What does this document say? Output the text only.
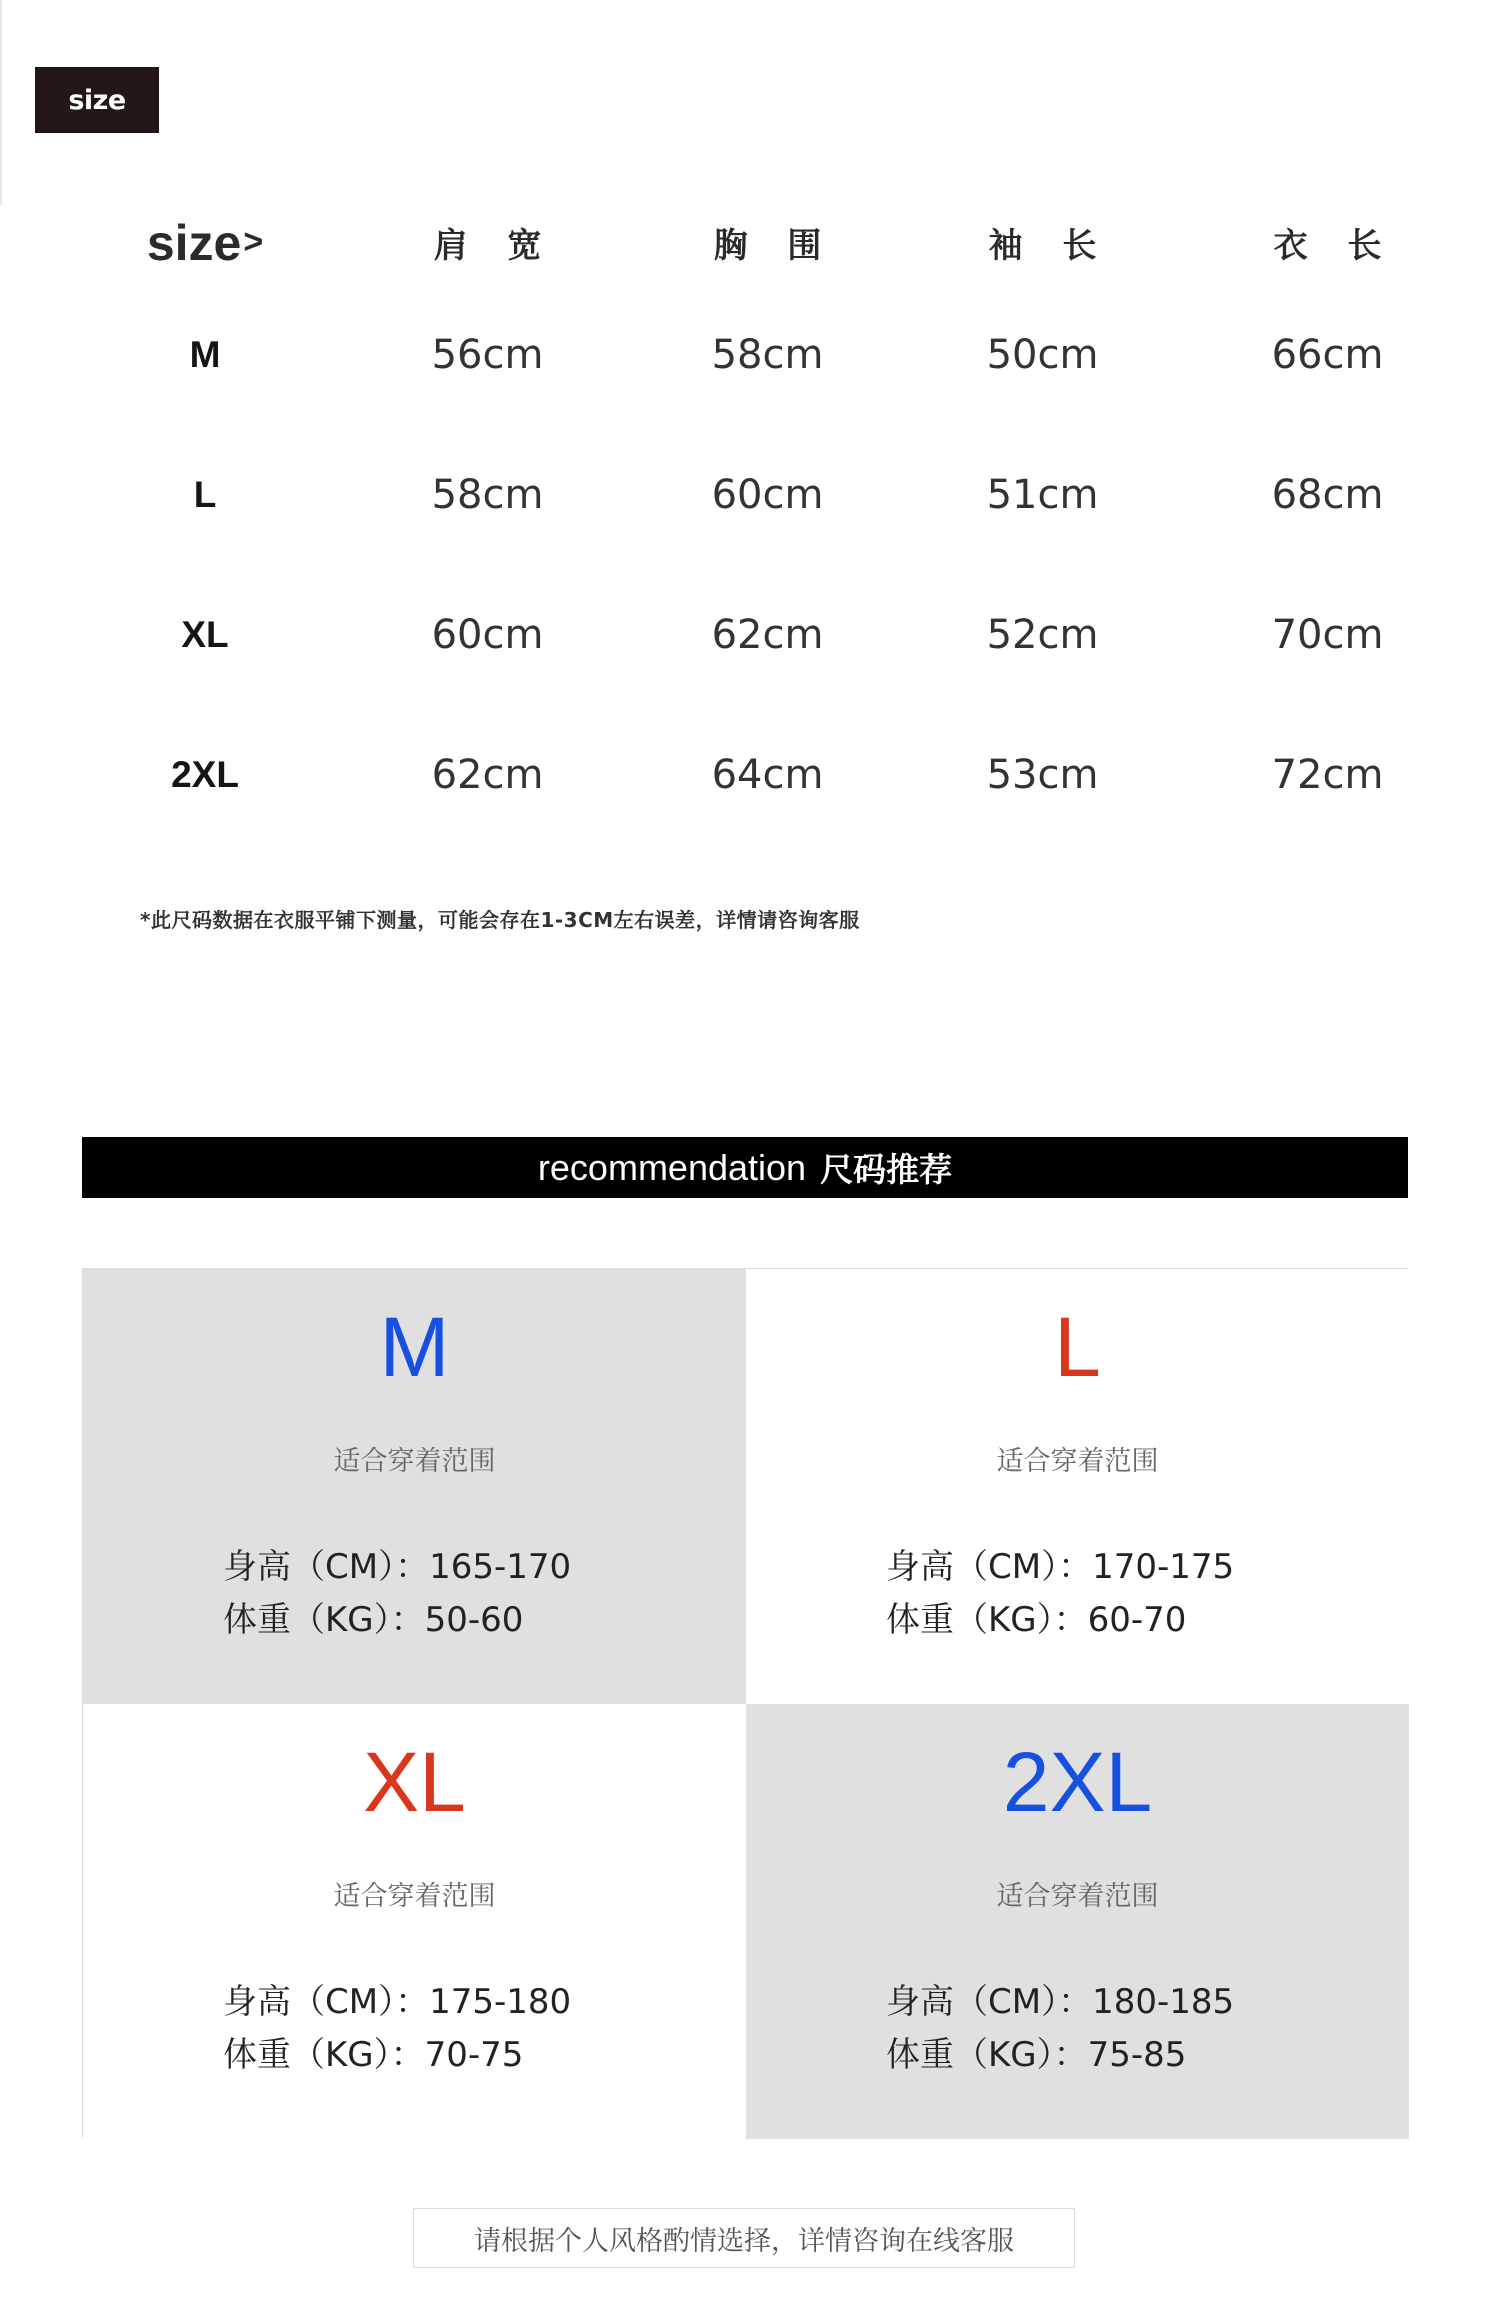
size
size >	肩 宽	胸 围	袖 长	衣 长
M	56cm	58cm	50cm	66cm
L	58cm	60cm	51cm	68cm
XL	60cm	62cm	52cm	70cm
2XL	62cm	64cm	53cm	72cm
*此尺码数据在衣服平铺下测量，可能会存在1-3CM左右误差，详情请咨询客服
recommendation 尺码推荐
M
适合穿着范围
身高（CM）：165-170
体重（KG）：50-60
L
适合穿着范围
身高（CM）：170-175
体重（KG）：60-70
XL
适合穿着范围
身高（CM）：175-180
体重（KG）：70-75
2XL
适合穿着范围
身高（CM）：180-185
体重（KG）：75-85
请根据个人风格酌情选择，详情咨询在线客服
